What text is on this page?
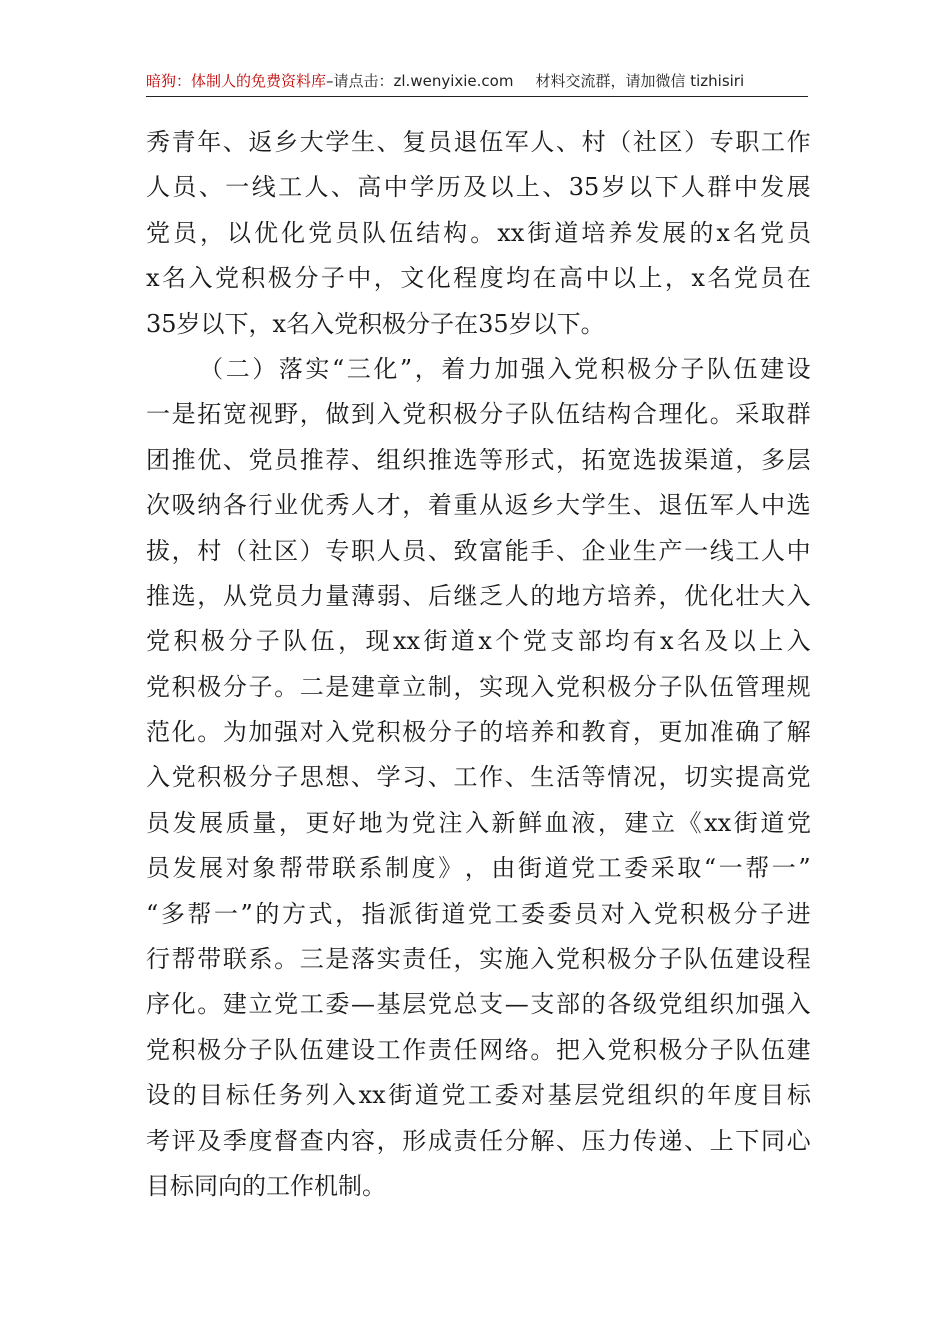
暗狗：体制人的免费资料库 –请点击：zl.wenyixie.com 材料交流群，请加微信 tizhisiri
秀 青 年 、 返 乡 大 学 生 、 复 员 退 伍 军 人 、 村 （ 社 区 ） 专 职 工 作
人 员 、 一 线 工 人 、 高 中 学 历 及 以 上 、 35 岁 以 下 人 群 中 发 展
党 员 ， 以 优 化 党 员 队 伍 结 构 。 xx 街 道 培 养 发 展 的 x 名 党 员
x 名 入 党 积 极 分 子 中 ， 文 化 程 度 均 在 高 中 以 上 ， x 名 党 员 在
35岁以下，x名入党积极分子在35岁以下。

（ 二 ） 落 实 “ 三 化 ” ， 着 力 加 强 入 党 积 极 分 子 队 伍 建 设
一 是 拓 宽 视 野 ， 做 到 入 党 积 极 分 子 队 伍 结 构 合 理 化 。 采 取 群
团 推 优 、 党 员 推 荐 、 组 织 推 选 等 形 式 ， 拓 宽 选 拔 渠 道 ， 多 层
次 吸 纳 各 行 业 优 秀 人 才 ， 着 重 从 返 乡 大 学 生 、 退 伍 军 人 中 选
拔 ， 村 （ 社 区 ） 专 职 人 员 、 致 富 能 手 、 企 业 生 产 一 线 工 人 中
推 选 ， 从 党 员 力 量 薄 弱 、 后 继 乏 人 的 地 方 培 养 ， 优 化 壮 大 入
党 积 极 分 子 队 伍 ， 现 xx 街 道 x 个 党 支 部 均 有 x 名 及 以 上 入
党 积 极 分 子 。 二 是 建 章 立 制 ， 实 现 入 党 积 极 分 子 队 伍 管 理 规
范 化 。 为 加 强 对 入 党 积 极 分 子 的 培 养 和 教 育 ， 更 加 准 确 了 解
入 党 积 极 分 子 思 想 、 学 习 、 工 作 、 生 活 等 情 况 ， 切 实 提 高 党
员 发 展 质 量 ， 更 好 地 为 党 注 入 新 鲜 血 液 ， 建 立 《 xx 街 道 党
员 发 展 对 象 帮 带 联 系 制 度 》 ， 由 街 道 党 工 委 采 取 “ 一 帮 一 ”
“ 多 帮 一 ” 的 方 式 ， 指 派 街 道 党 工 委 委 员 对 入 党 积 极 分 子 进
行 帮 带 联 系 。 三 是 落 实 责 任 ， 实 施 入 党 积 极 分 子 队 伍 建 设 程
序 化 。 建 立 党 工 委 — 基 层 党 总 支 — 支 部 的 各 级 党 组 织 加 强 入
党 积 极 分 子 队 伍 建 设 工 作 责 任 网 络 。 把 入 党 积 极 分 子 队 伍 建
设 的 目 标 任 务 列 入 xx 街 道 党 工 委 对 基 层 党 组 织 的 年 度 目 标
考 评 及 季 度 督 查 内 容 ， 形 成 责 任 分 解 、 压 力 传 递 、 上 下 同 心
目标同向的工作机制。
